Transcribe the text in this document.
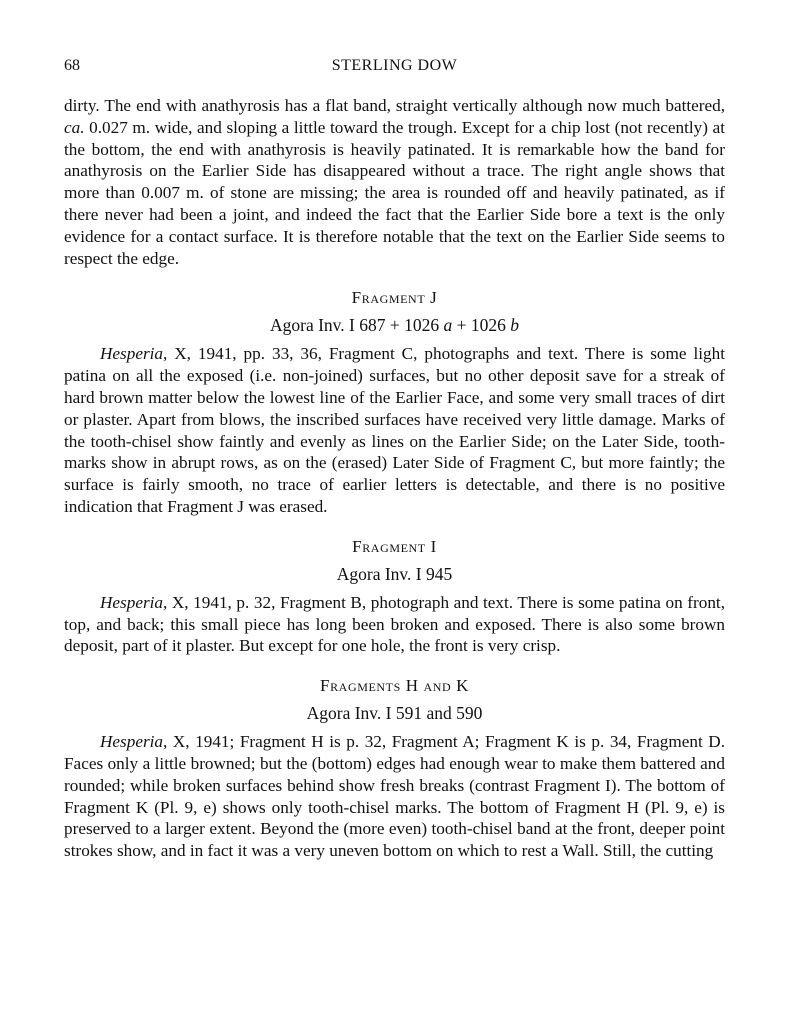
68	STERLING DOW

dirty. The end with anathyrosis has a flat band, straight vertically although now much battered, ca. 0.027 m. wide, and sloping a little toward the trough. Except for a chip lost (not recently) at the bottom, the end with anathyrosis is heavily patinated. It is remarkable how the band for anathyrosis on the Earlier Side has disappeared without a trace. The right angle shows that more than 0.007 m. of stone are missing; the area is rounded off and heavily patinated, as if there never had been a joint, and indeed the fact that the Earlier Side bore a text is the only evidence for a contact surface. It is therefore notable that the text on the Earlier Side seems to respect the edge.

Fragment J
Agora Inv. I 687 + 1026 a + 1026 b

Hesperia, X, 1941, pp. 33, 36, Fragment C, photographs and text. There is some light patina on all the exposed (i.e. non-joined) surfaces, but no other deposit save for a streak of hard brown matter below the lowest line of the Earlier Face, and some very small traces of dirt or plaster. Apart from blows, the inscribed surfaces have received very little damage. Marks of the tooth-chisel show faintly and evenly as lines on the Earlier Side; on the Later Side, tooth-marks show in abrupt rows, as on the (erased) Later Side of Fragment C, but more faintly; the surface is fairly smooth, no trace of earlier letters is detectable, and there is no positive indication that Fragment J was erased.

Fragment I
Agora Inv. I 945

Hesperia, X, 1941, p. 32, Fragment B, photograph and text. There is some patina on front, top, and back; this small piece has long been broken and exposed. There is also some brown deposit, part of it plaster. But except for one hole, the front is very crisp.

Fragments H and K
Agora Inv. I 591 and 590

Hesperia, X, 1941; Fragment H is p. 32, Fragment A; Fragment K is p. 34, Fragment D. Faces only a little browned; but the (bottom) edges had enough wear to make them battered and rounded; while broken surfaces behind show fresh breaks (contrast Fragment I). The bottom of Fragment K (Pl. 9, e) shows only tooth-chisel marks. The bottom of Fragment H (Pl. 9, e) is preserved to a larger extent. Beyond the (more even) tooth-chisel band at the front, deeper point strokes show, and in fact it was a very uneven bottom on which to rest a Wall. Still, the cutting
